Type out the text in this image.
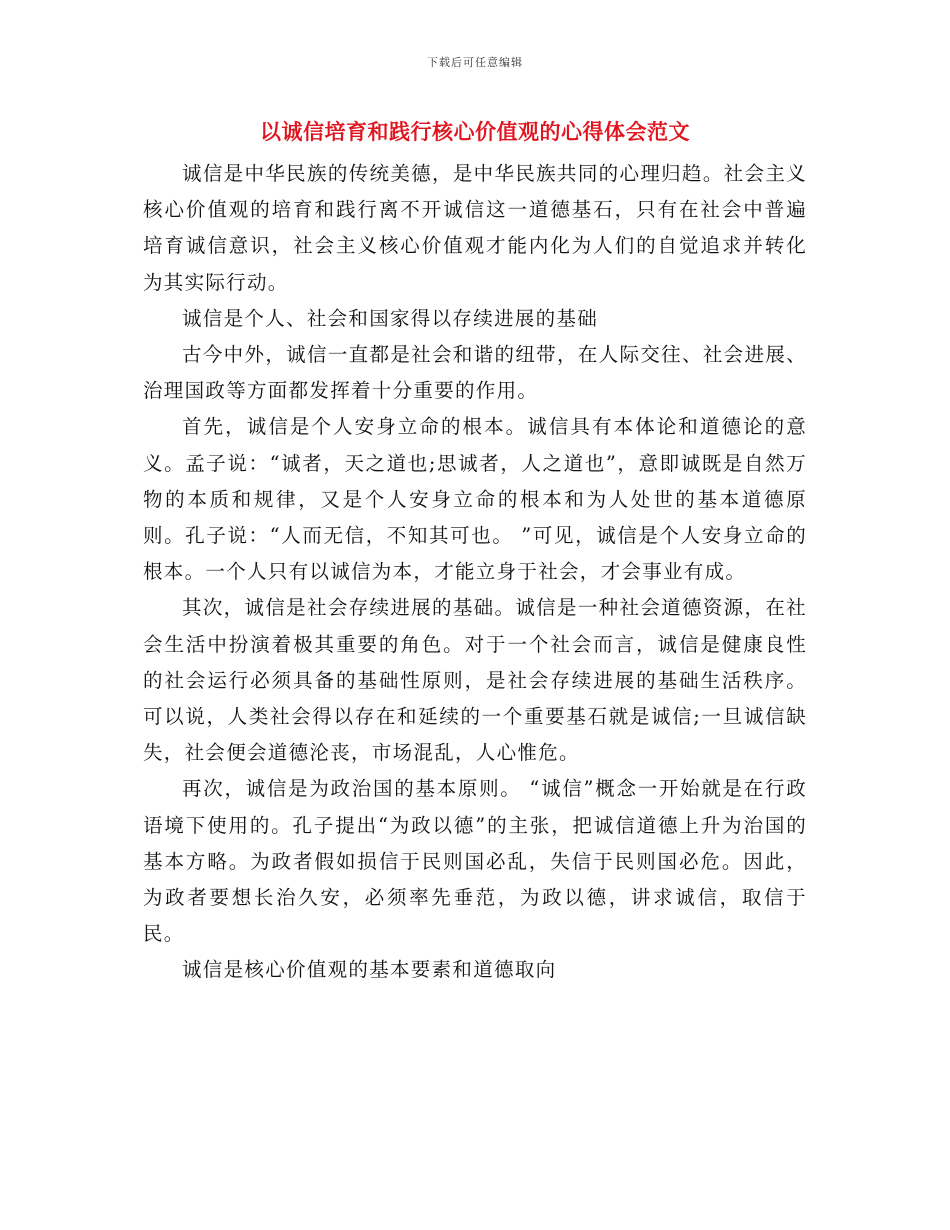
下载后可任意编辑
以诚信培育和践行核心价值观的心得体会范文

诚信是中华民族的传统美德，是中华民族共同的心理归趋。社会主义核心价值观的培育和践行离不开诚信这一道德基石，只有在社会中普遍培育诚信意识，社会主义核心价值观才能内化为人们的自觉追求并转化为其实际行动。

诚信是个人、社会和国家得以存续进展的基础

古今中外，诚信一直都是社会和谐的纽带，在人际交往、社会进展、治理国政等方面都发挥着十分重要的作用。

首先，诚信是个人安身立命的根本。诚信具有本体论和道德论的意义。孟子说：“诚者，天之道也;思诚者，人之道也”，意即诚既是自然万物的本质和规律，又是个人安身立命的根本和为人处世的基本道德原则。孔子说：“人而无信，不知其可也。 ”可见，诚信是个人安身立命的根本。一个人只有以诚信为本，才能立身于社会，才会事业有成。

其次，诚信是社会存续进展的基础。诚信是一种社会道德资源，在社会生活中扮演着极其重要的角色。对于一个社会而言，诚信是健康良性的社会运行必须具备的基础性原则，是社会存续进展的基础生活秩序。可以说，人类社会得以存在和延续的一个重要基石就是诚信;一旦诚信缺失，社会便会道德沦丧，市场混乱，人心惟危。

再次，诚信是为政治国的基本原则。 “诚信”概念一开始就是在行政语境下使用的。孔子提出“为政以德”的主张，把诚信道德上升为治国的基本方略。为政者假如损信于民则国必乱，失信于民则国必危。因此，为政者要想长治久安，必须率先垂范，为政以德，讲求诚信，取信于民。

诚信是核心价值观的基本要素和道德取向
